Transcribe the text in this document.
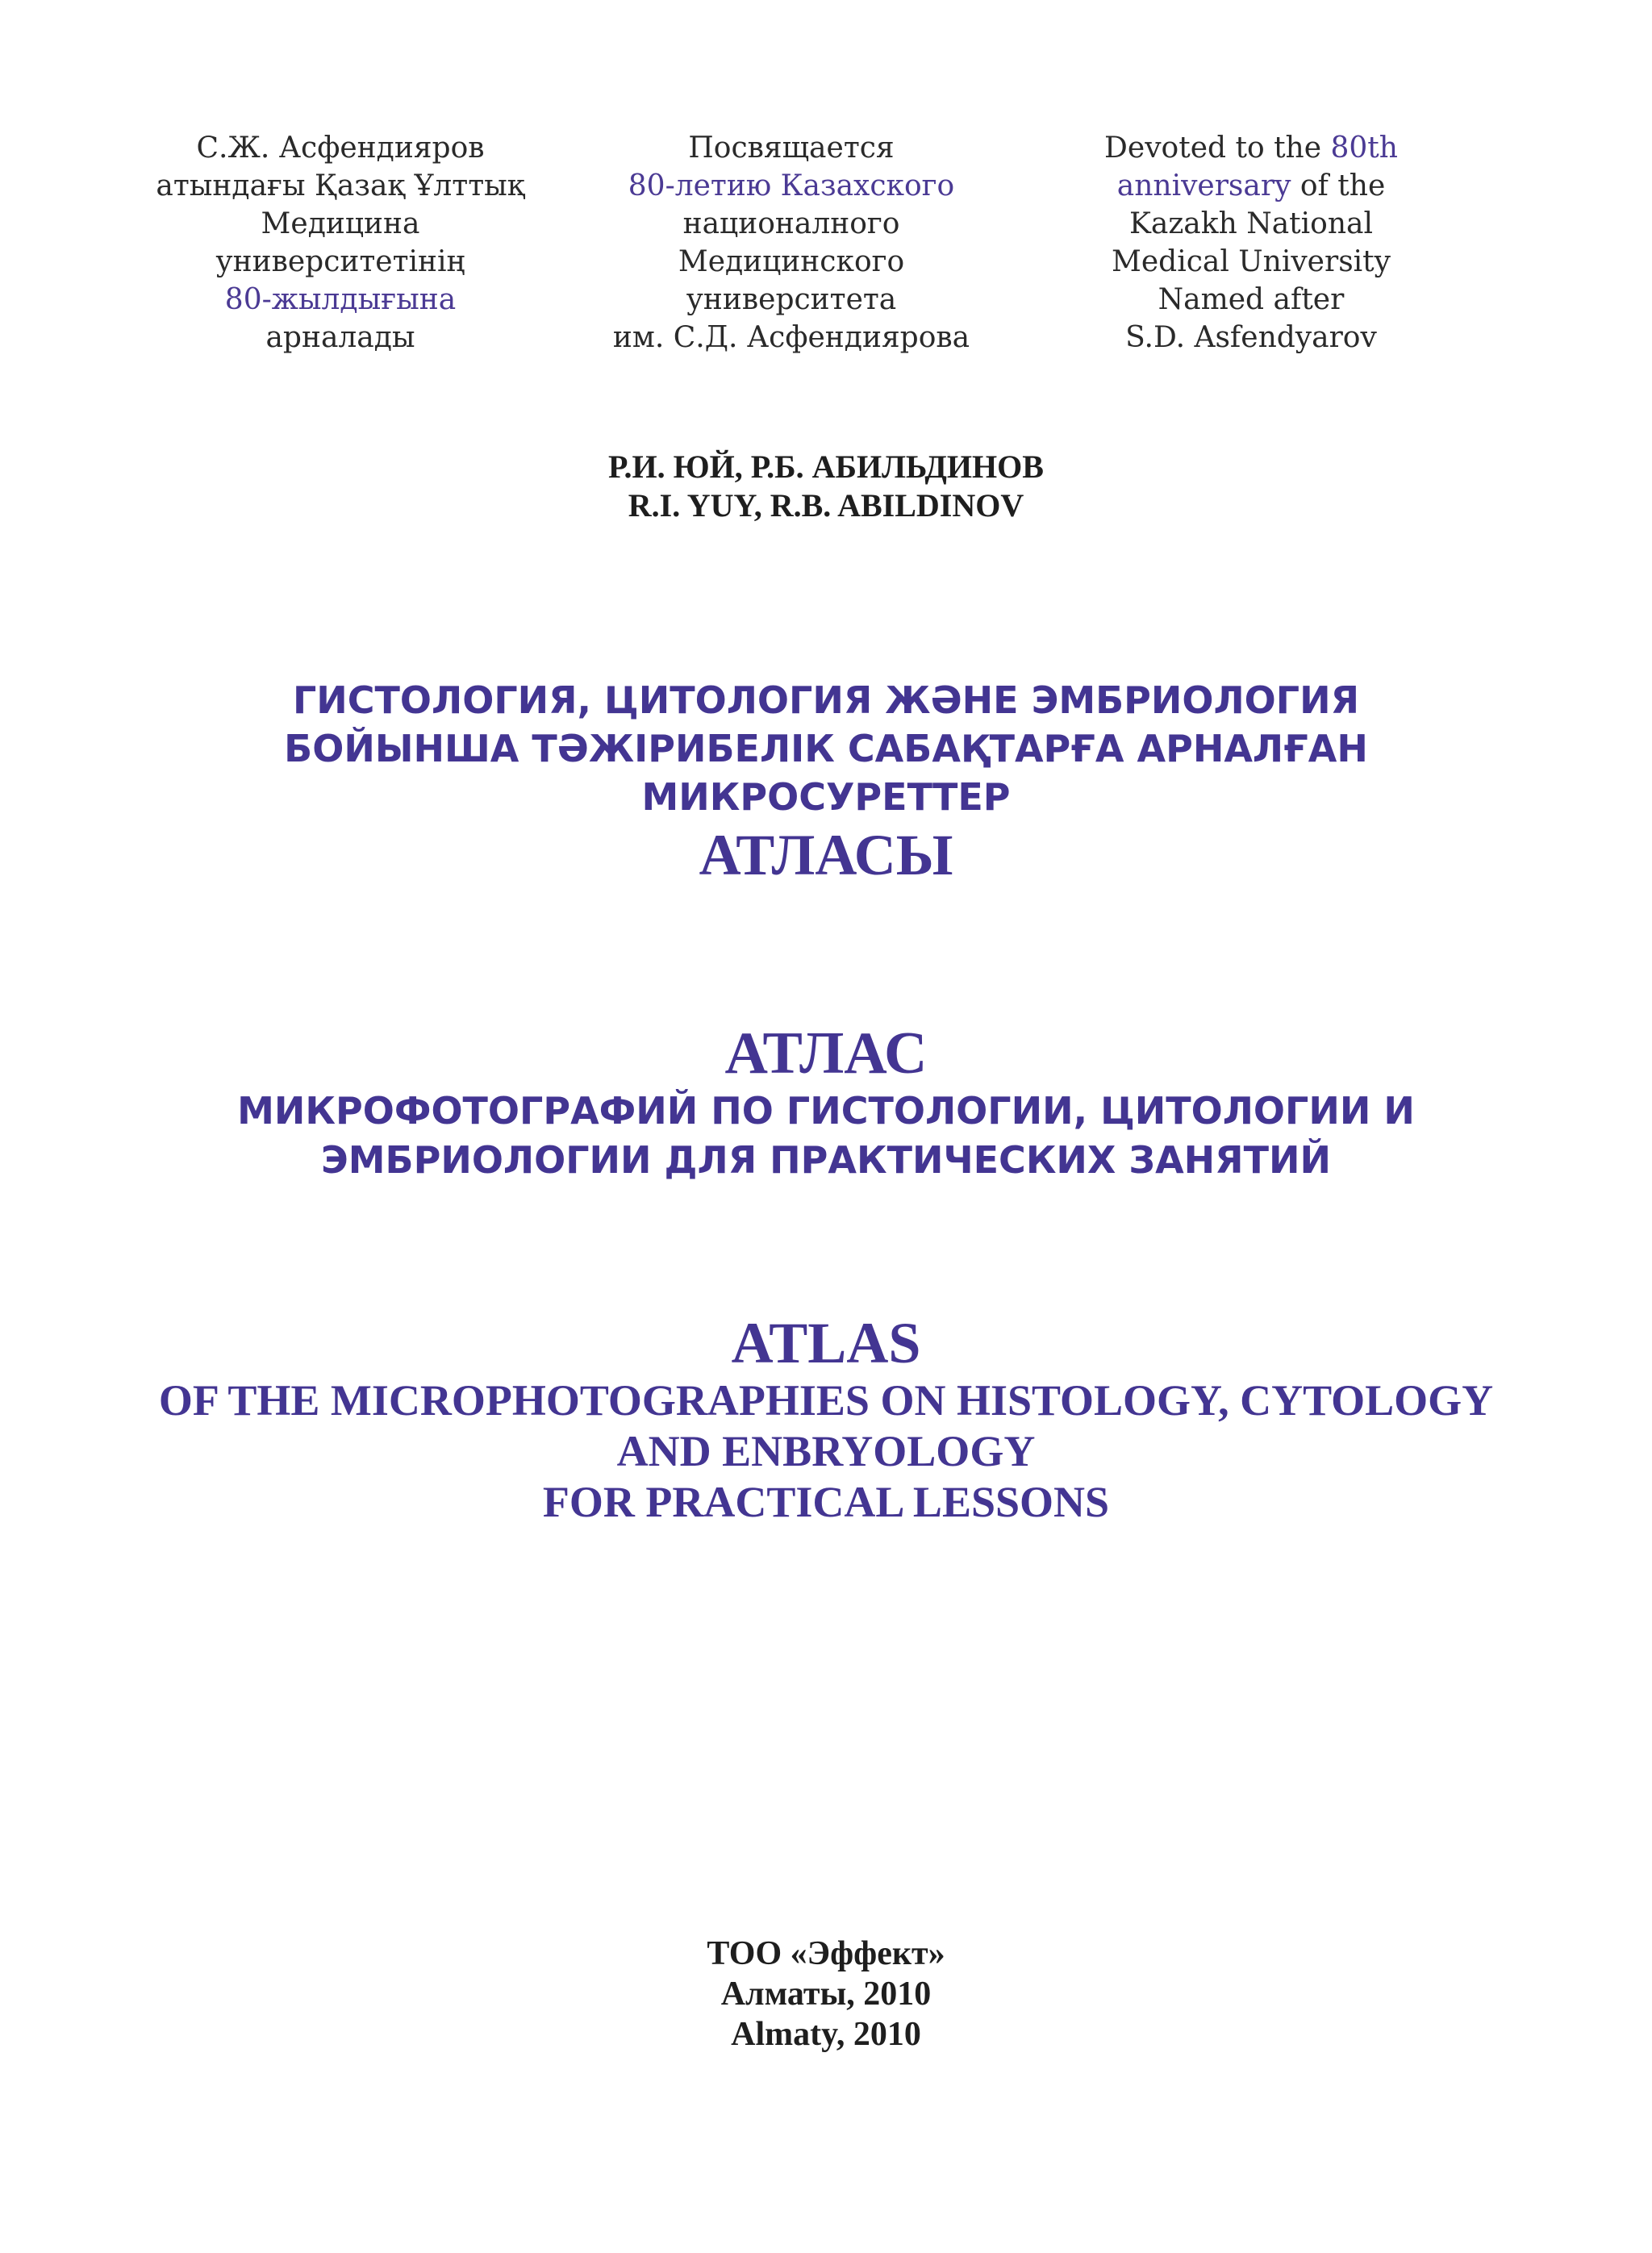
С.Ж. Асфендияров
атындағы Қазақ Ұлттық
Медицина
университетінің
80-жылдығына
арналады
Посвящается
80-летию Казахского
националного
Медицинского
университета
им. С.Д. Асфендиярова
Devoted to the 80th
anniversary of the
Kazakh National
Medical University
Named after
S.D. Asfendyarov
Р.И. ЮЙ, Р.Б. АБИЛЬДИНОВ
R.I. YUY, R.B. ABILDINOV
ГИСТОЛОГИЯ, ЦИТОЛОГИЯ ЖӘНЕ ЭМБРИОЛОГИЯ
БОЙЫНША ТӘЖІРИБЕЛІК САБАҚТАРҒА АРНАЛҒАН
МИКРОСУРЕТТЕР
АТЛАСЫ
АТЛАС
МИКРОФОТОГРАФИЙ ПО ГИСТОЛОГИИ, ЦИТОЛОГИИ И
ЭМБРИОЛОГИИ ДЛЯ ПРАКТИЧЕСКИХ ЗАНЯТИЙ
ATLAS
OF THE MICROPHOTOGRAPHIES ON HISTOLOGY, CYTOLOGY
AND ENBRYOLOGY
FOR PRACTICAL LESSONS
ТОО «Эффект»
Алматы, 2010
Almaty, 2010
